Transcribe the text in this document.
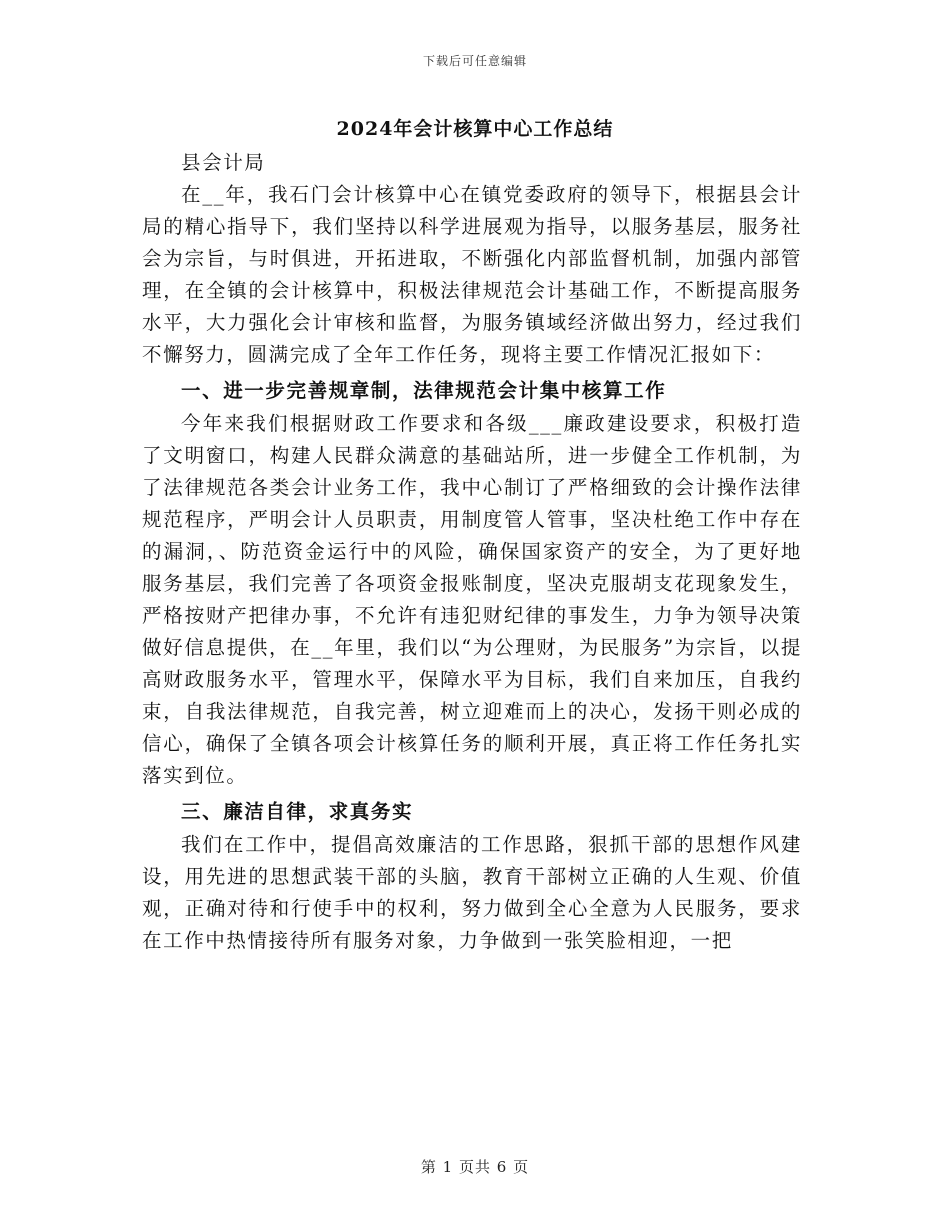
下载后可任意编辑
2024年会计核算中心工作总结

县会计局

在__年，我石门会计核算中心在镇党委政府的领导下，根据县会计局的精心指导下，我们坚持以科学进展观为指导，以服务基层，服务社会为宗旨，与时俱进，开拓进取，不断强化内部监督机制，加强内部管理，在全镇的会计核算中，积极法律规范会计基础工作，不断提高服务水平，大力强化会计审核和监督，为服务镇域经济做出努力，经过我们不懈努力，圆满完成了全年工作任务，现将主要工作情况汇报如下：

一、进一步完善规章制，法律规范会计集中核算工作

今年来我们根据财政工作要求和各级___廉政建设要求，积极打造了文明窗口，构建人民群众满意的基础站所，进一步健全工作机制，为了法律规范各类会计业务工作，我中心制订了严格细致的会计操作法律规范程序，严明会计人员职责，用制度管人管事，坚决杜绝工作中存在的漏洞，、防范资金运行中的风险，确保国家资产的安全，为了更好地服务基层，我们完善了各项资金报账制度，坚决克服胡支花现象发生，严格按财产把律办事，不允许有违犯财纪律的事发生，力争为领导决策做好信息提供，在__年里，我们以“为公理财，为民服务”为宗旨，以提高财政服务水平，管理水平，保障水平为目标，我们自来加压，自我约束，自我法律规范，自我完善，树立迎难而上的决心，发扬干则必成的信心，确保了全镇各项会计核算任务的顺利开展，真正将工作任务扎实落实到位。

三、廉洁自律，求真务实

我们在工作中，提倡高效廉洁的工作思路，狠抓干部的思想作风建设，用先进的思想武装干部的头脑，教育干部树立正确的人生观、价值观，正确对待和行使手中的权利，努力做到全心全意为人民服务，要求在工作中热情接待所有服务对象，力争做到一张笑脸相迎，一把

第 1 页共 6 页
